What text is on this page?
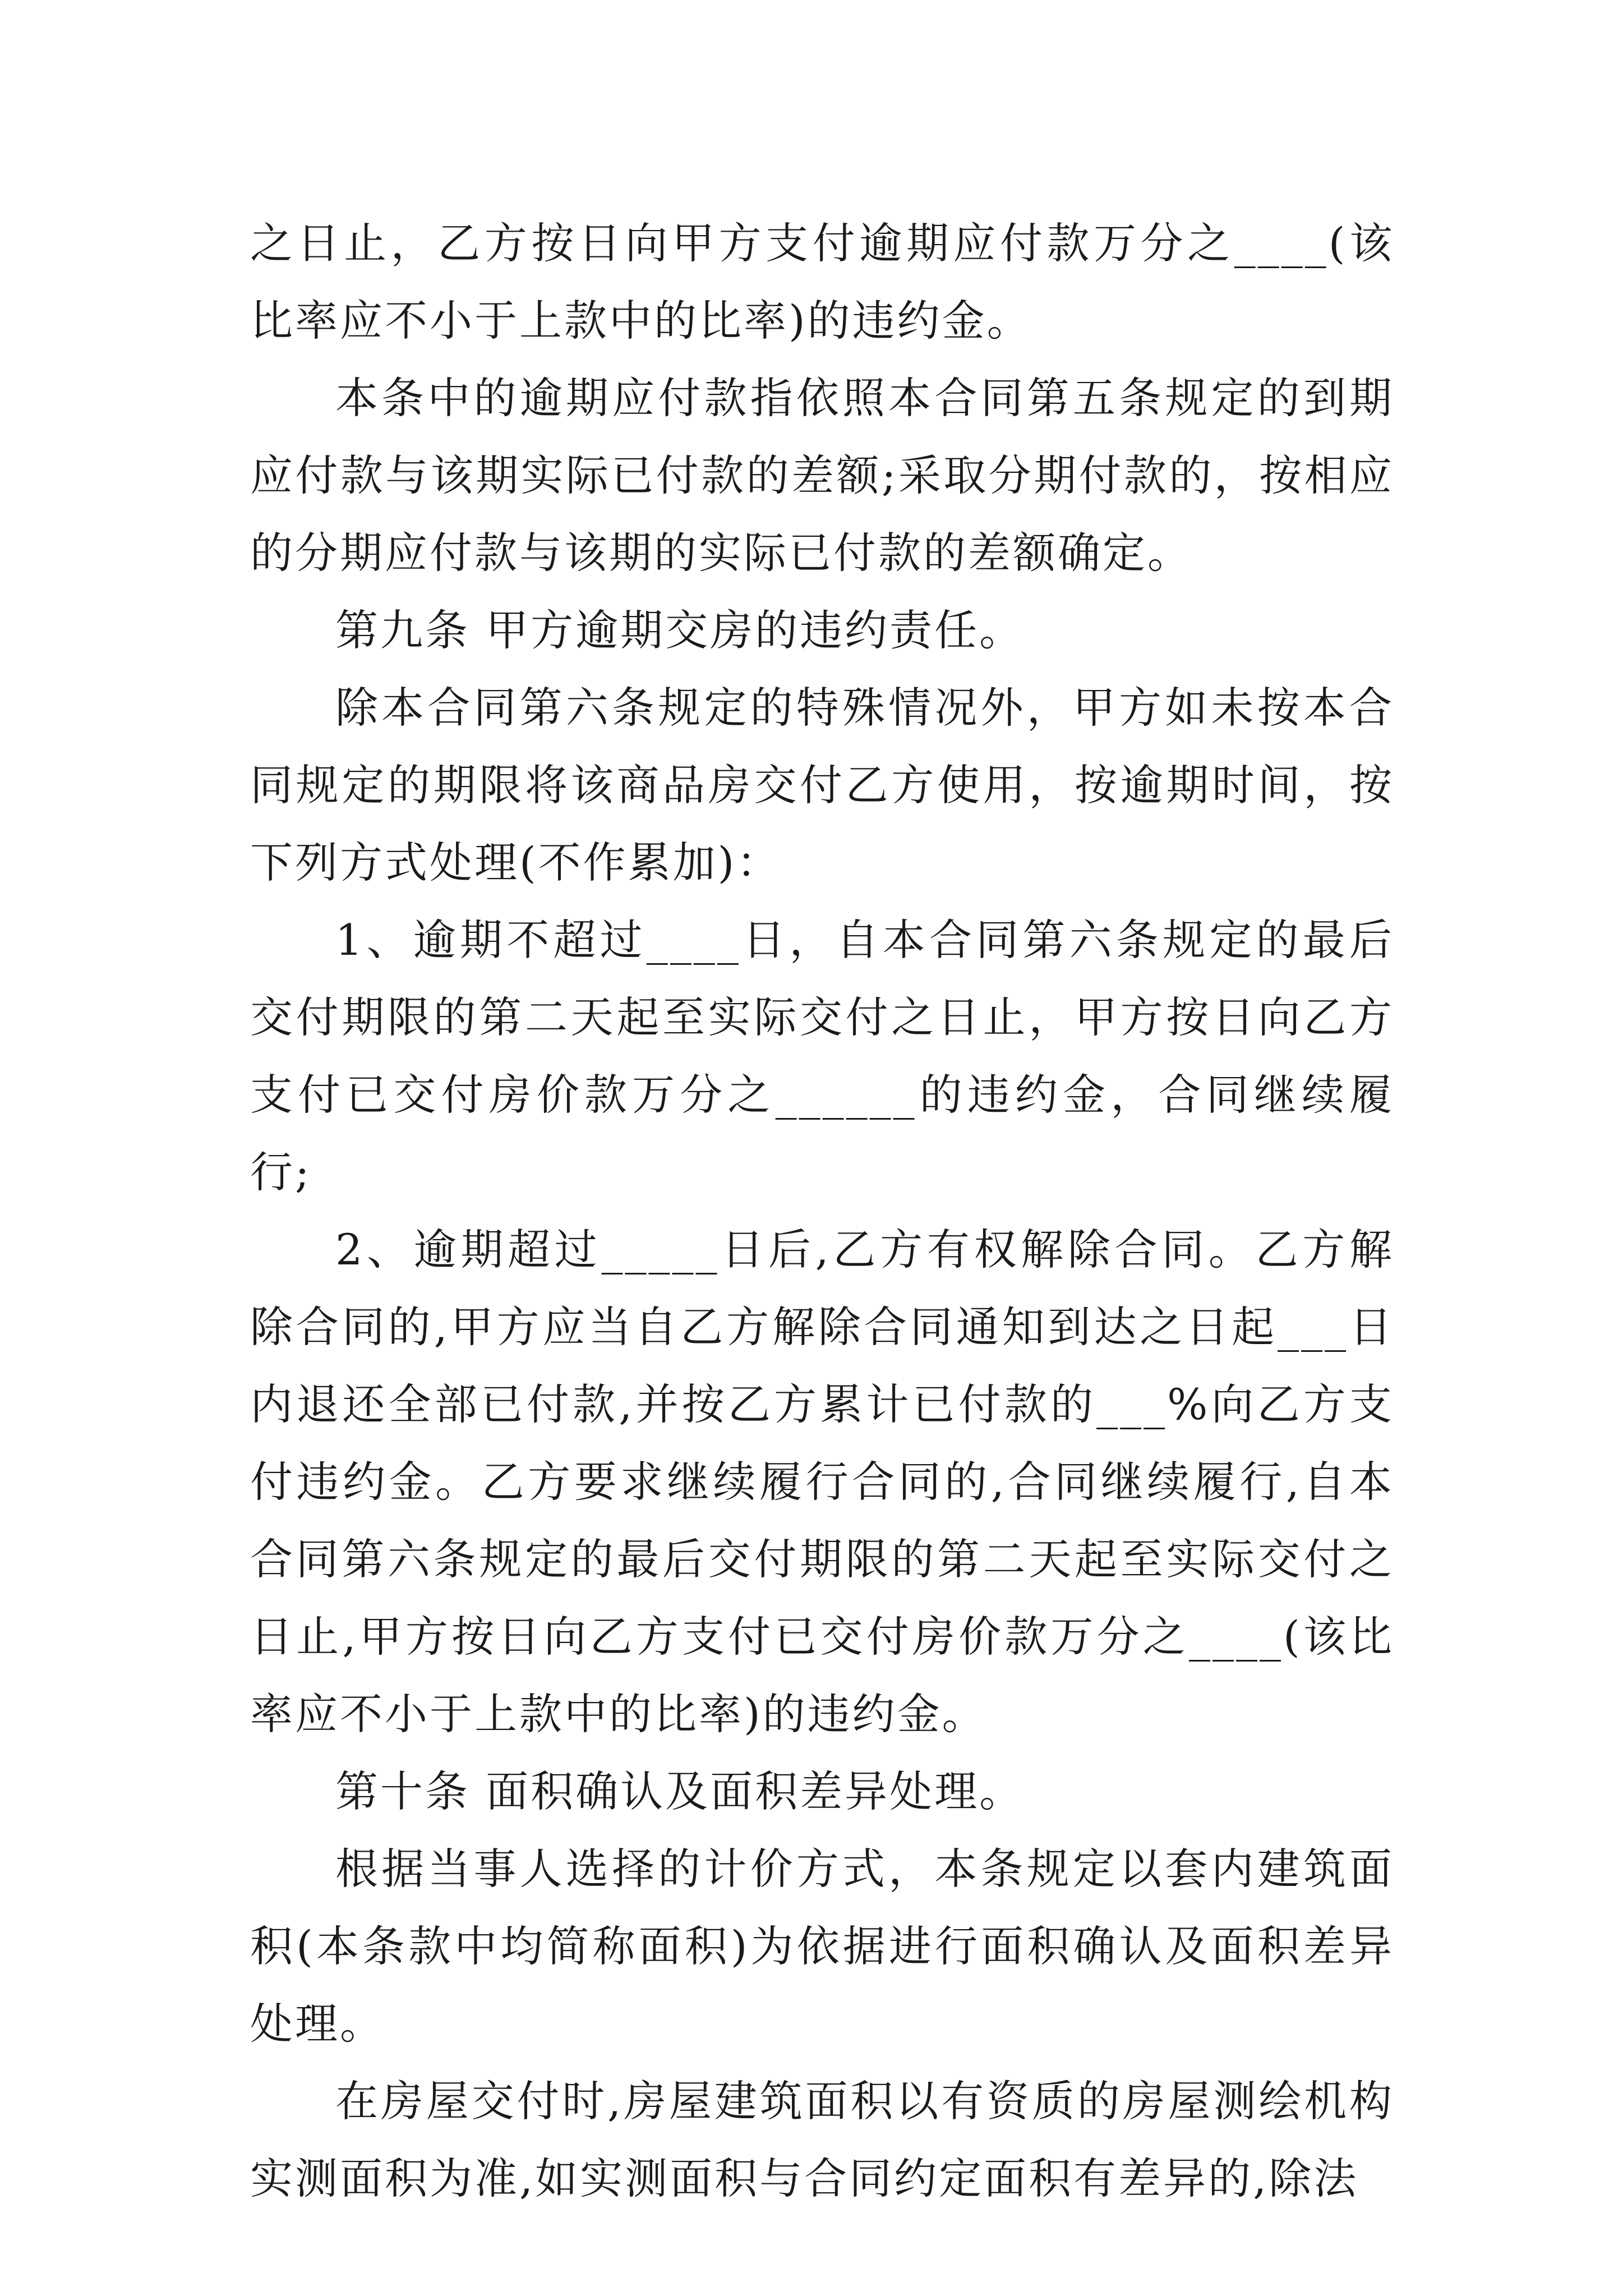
之日止，乙方按日向甲方支付逾期应付款万分之____(该比率应不小于上款中的比率)的违约金。

本条中的逾期应付款指依照本合同第五条规定的到期应付款与该期实际已付款的差额;采取分期付款的，按相应的分期应付款与该期的实际已付款的差额确定。

第九条 甲方逾期交房的违约责任。

除本合同第六条规定的特殊情况外，甲方如未按本合同规定的期限将该商品房交付乙方使用，按逾期时间，按下列方式处理(不作累加)：

1、逾期不超过____日，自本合同第六条规定的最后交付期限的第二天起至实际交付之日止，甲方按日向乙方支付已交付房价款万分之______的违约金，合同继续履行;

2、逾期超过_____日后,乙方有权解除合同。乙方解除合同的,甲方应当自乙方解除合同通知到达之日起___日内退还全部已付款,并按乙方累计已付款的___%向乙方支付违约金。乙方要求继续履行合同的,合同继续履行,自本合同第六条规定的最后交付期限的第二天起至实际交付之日止,甲方按日向乙方支付已交付房价款万分之____(该比率应不小于上款中的比率)的违约金。

第十条 面积确认及面积差异处理。

根据当事人选择的计价方式，本条规定以套内建筑面积(本条款中均简称面积)为依据进行面积确认及面积差异处理。

在房屋交付时,房屋建筑面积以有资质的房屋测绘机构实测面积为准,如实测面积与合同约定面积有差异的,除法
